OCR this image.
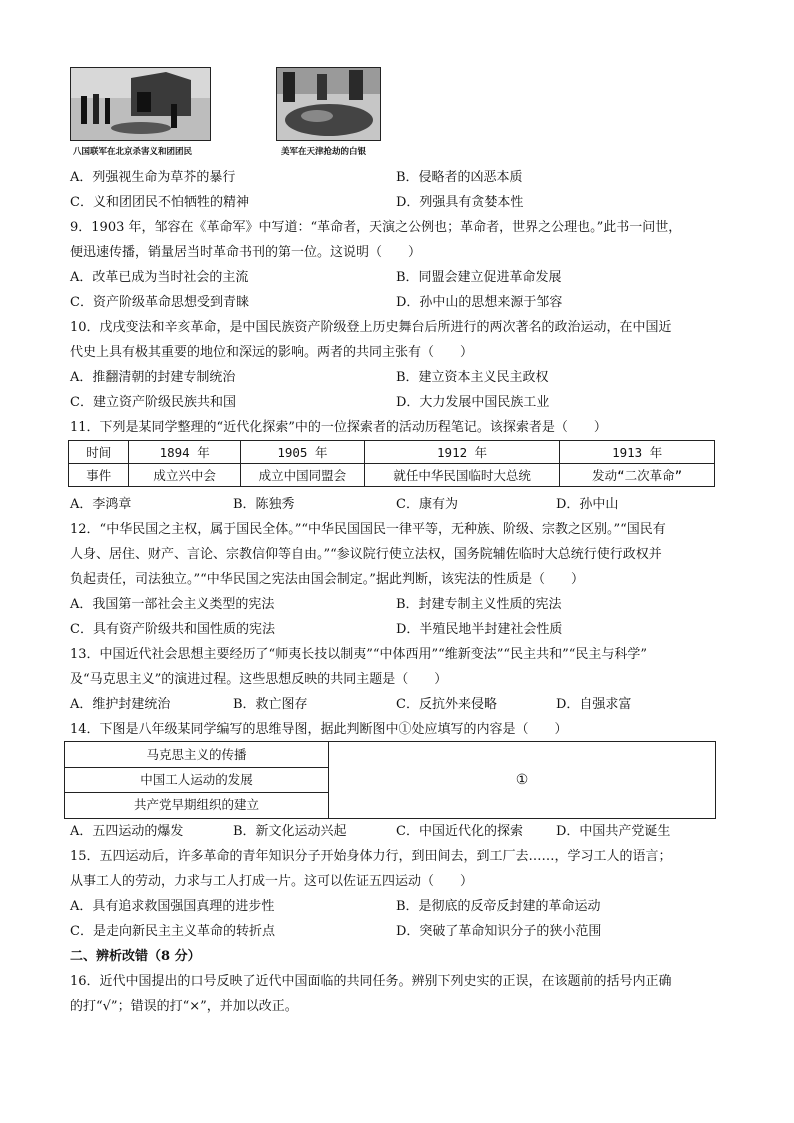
八国联军在北京杀害义和团团民	美军在天津抢劫的白银
A．列强视生命为草芥的暴行	B．侵略者的凶恶本质
C．义和团团民不怕牺牲的精神	D．列强具有贪婪本性
9．1903 年，邹容在《革命军》中写道：“革命者，天演之公例也；革命者，世界之公理也。”此书一问世，
便迅速传播，销量居当时革命书刊的第一位。这说明（　　）
A．改革已成为当时社会的主流	B．同盟会建立促进革命发展
C．资产阶级革命思想受到青睐	D．孙中山的思想来源于邹容
10．戊戌变法和辛亥革命，是中国民族资产阶级登上历史舞台后所进行的两次著名的政治运动，在中国近
代史上具有极其重要的地位和深远的影响。两者的共同主张有（　　）
A．推翻清朝的封建专制统治	B．建立资本主义民主政权
C．建立资产阶级民族共和国	D．大力发展中国民族工业
11．下列是某同学整理的“近代化探索”中的一位探索者的活动历程笔记。该探索者是（　　）
时间	1894 年	1905 年	1912 年	1913 年
事件	成立兴中会	成立中国同盟会	就任中华民国临时大总统	发动“二次革命”
A．李鸿章	B．陈独秀	C．康有为	D．孙中山
12．“中华民国之主权，属于国民全体。”“中华民国国民一律平等，无种族、阶级、宗教之区别。”“国民有
人身、居住、财产、言论、宗教信仰等自由。”“参议院行使立法权，国务院辅佐临时大总统行使行政权并
负起责任，司法独立。”“中华民国之宪法由国会制定。”据此判断，该宪法的性质是（　　）
A．我国第一部社会主义类型的宪法	B．封建专制主义性质的宪法
C．具有资产阶级共和国性质的宪法	D．半殖民地半封建社会性质
13．中国近代社会思想主要经历了“师夷长技以制夷”“中体西用”“维新变法”“民主共和”“民主与科学”
及“马克思主义”的演进过程。这些思想反映的共同主题是（　　）
A．维护封建统治	B．救亡图存	C．反抗外来侵略	D．自强求富
14．下图是八年级某同学编写的思维导图，据此判断图中①处应填写的内容是（　　）
马克思主义的传播
中国工人运动的发展
共产党早期组织的建立
①
A．五四运动的爆发	B．新文化运动兴起	C．中国近代化的探索	D．中国共产党诞生
15．五四运动后，许多革命的青年知识分子开始身体力行，到田间去，到工厂去……，学习工人的语言；
从事工人的劳动，力求与工人打成一片。这可以佐证五四运动（　　）
A．具有追求救国强国真理的进步性	B．是彻底的反帝反封建的革命运动
C．是走向新民主主义革命的转折点	D．突破了革命知识分子的狭小范围
二、辨析改错（8 分）
16．近代中国提出的口号反映了近代中国面临的共同任务。辨别下列史实的正误，在该题前的括号内正确
的打“√”；错误的打“×”，并加以改正。
